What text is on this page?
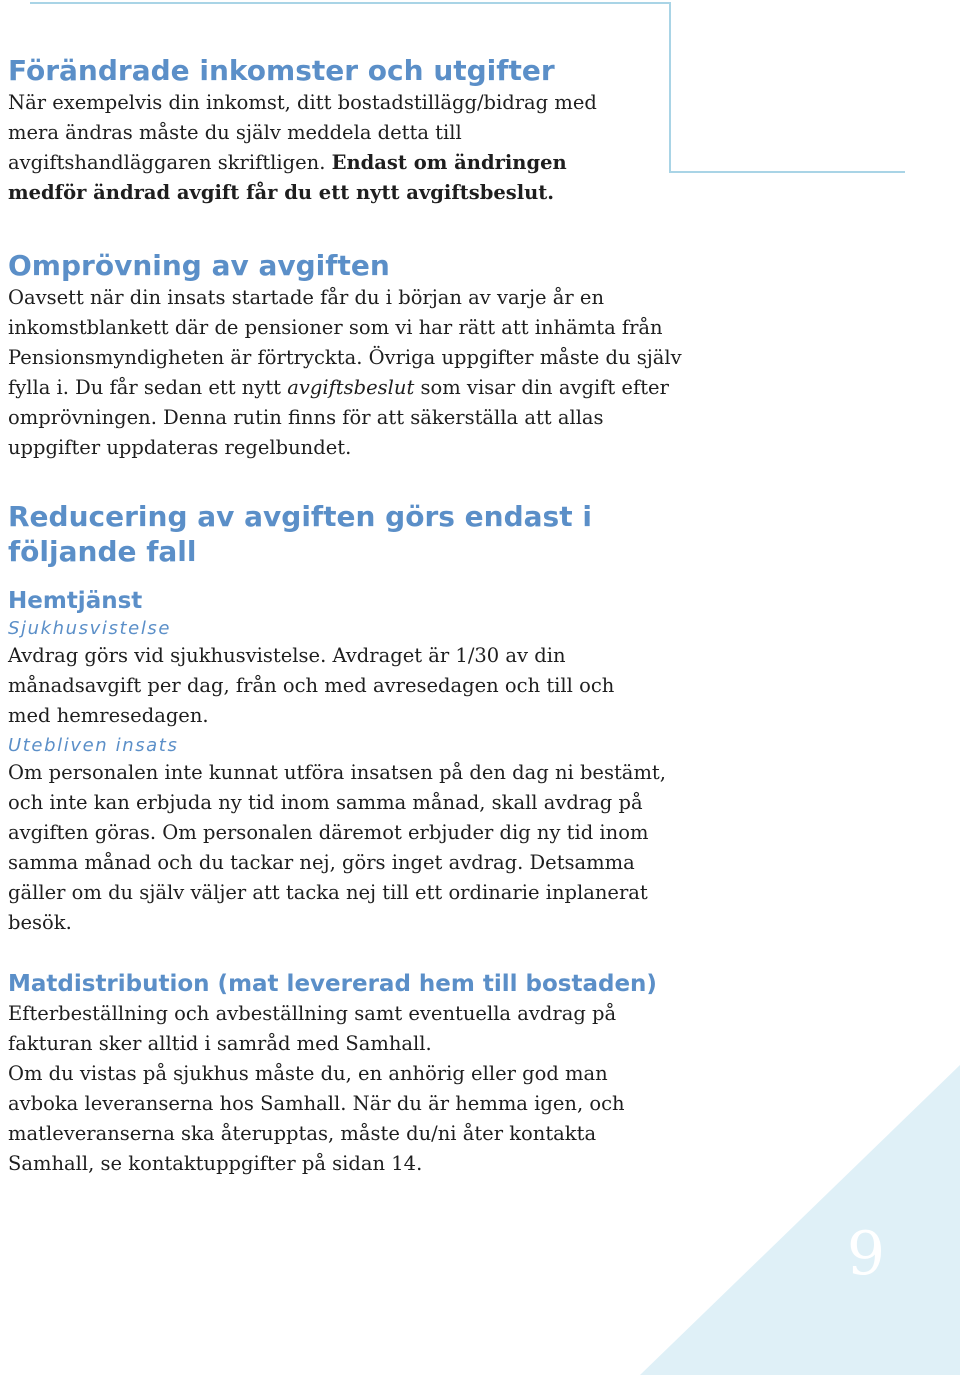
9
Förändrade inkomster och utgifter

När exempelvis din inkomst, ditt bostadstillägg/bidrag med mera ändras måste du själv meddela detta till avgiftshandläggaren skriftligen. Endast om ändringen medför ändrad avgift får du ett nytt avgiftsbeslut.

Omprövning av avgiften

Oavsett när din insats startade får du i början av varje år en inkomstblankett där de pensioner som vi har rätt att inhämta från Pensionsmyndigheten är förtryckta. Övriga uppgifter måste du själv fylla i. Du får sedan ett nytt avgiftsbeslut som visar din avgift efter omprövningen. Denna rutin finns för att säkerställa att allas uppgifter uppdateras regelbundet.

Reducering av avgiften görs endast i följande fall
Hemtjänst
Sjukhusvistelse

Avdrag görs vid sjukhusvistelse. Avdraget är 1/30 av din månadsavgift per dag, från och med avresedagen och till och med hemresedagen.

Utebliven insats

Om personalen inte kunnat utföra insatsen på den dag ni bestämt, och inte kan erbjuda ny tid inom samma månad, skall avdrag på avgiften göras. Om personalen däremot erbjuder dig ny tid inom samma månad och du tackar nej, görs inget avdrag. Detsamma gäller om du själv väljer att tacka nej till ett ordinarie inplanerat besök.

Matdistribution (mat levererad hem till bostaden)

Efterbeställning och avbeställning samt eventuella avdrag på fakturan sker alltid i samråd med Samhall.

Om du vistas på sjukhus måste du, en anhörig eller god man avboka leveranserna hos Samhall. När du är hemma igen, och matleveranserna ska återupptas, måste du/ni åter kontakta Samhall, se kontaktuppgifter på sidan 14.
